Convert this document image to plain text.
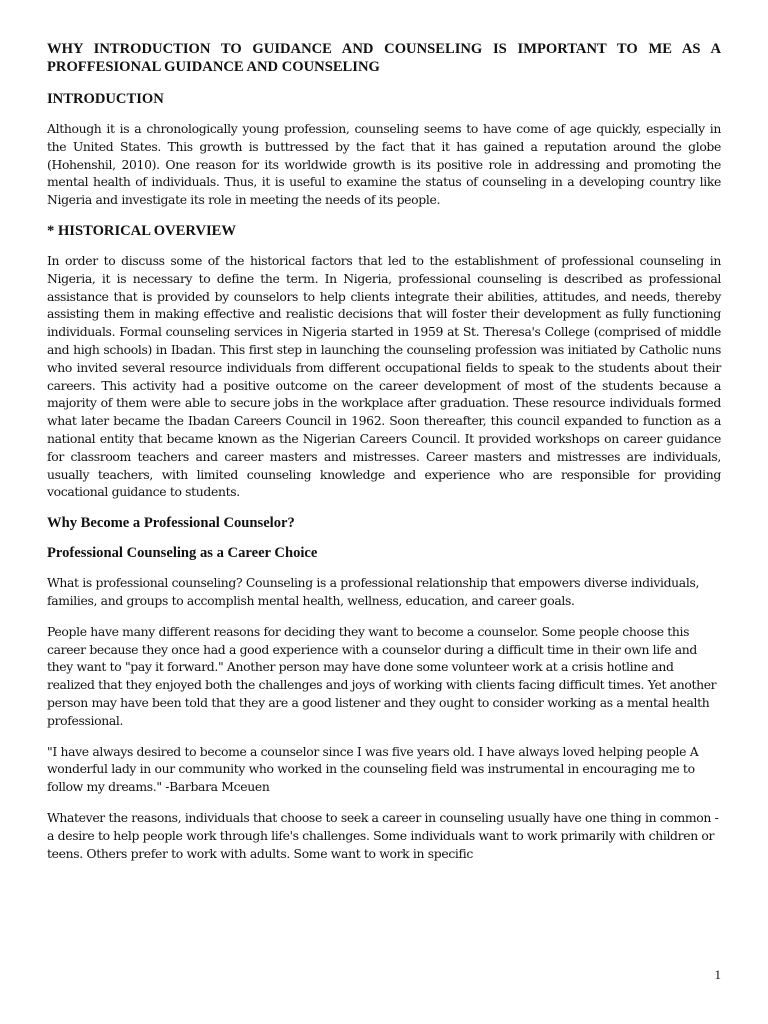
WHY INTRODUCTION TO GUIDANCE AND COUNSELING IS IMPORTANT TO ME AS A PROFFESIONAL GUIDANCE AND COUNSELING
INTRODUCTION
Although it is a chronologically young profession, counseling seems to have come of age quickly, especially in the United States. This growth is buttressed by the fact that it has gained a reputation around the globe (Hohenshil, 2010). One reason for its worldwide growth is its positive role in addressing and promoting the mental health of individuals. Thus, it is useful to examine the status of counseling in a developing country like Nigeria and investigate its role in meeting the needs of its people.
* HISTORICAL OVERVIEW
In order to discuss some of the historical factors that led to the establishment of professional counseling in Nigeria, it is necessary to define the term. In Nigeria, professional counseling is described as professional assistance that is provided by counselors to help clients integrate their abilities, attitudes, and needs, thereby assisting them in making effective and realistic decisions that will foster their development as fully functioning individuals. Formal counseling services in Nigeria started in 1959 at St. Theresa's College (comprised of middle and high schools) in Ibadan. This first step in launching the counseling profession was initiated by Catholic nuns who invited several resource individuals from different occupational fields to speak to the students about their careers. This activity had a positive outcome on the career development of most of the students because a majority of them were able to secure jobs in the workplace after graduation. These resource individuals formed what later became the Ibadan Careers Council in 1962. Soon thereafter, this council expanded to function as a national entity that became known as the Nigerian Careers Council. It provided workshops on career guidance for classroom teachers and career masters and mistresses. Career masters and mistresses are individuals, usually teachers, with limited counseling knowledge and experience who are responsible for providing vocational guidance to students.
Why Become a Professional Counselor?
Professional Counseling as a Career Choice
What is professional counseling? Counseling is a professional relationship that empowers diverse individuals, families, and groups to accomplish mental health, wellness, education, and career goals.
People have many different reasons for deciding they want to become a counselor. Some people choose this career because they once had a good experience with a counselor during a difficult time in their own life and they want to "pay it forward." Another person may have done some volunteer work at a crisis hotline and realized that they enjoyed both the challenges and joys of working with clients facing difficult times. Yet another person may have been told that they are a good listener and they ought to consider working as a mental health professional.
"I have always desired to become a counselor since I was five years old. I have always loved helping people A wonderful lady in our community who worked in the counseling field was instrumental in encouraging me to follow my dreams." -Barbara Mceuen
Whatever the reasons, individuals that choose to seek a career in counseling usually have one thing in common - a desire to help people work through life's challenges. Some individuals want to work primarily with children or teens. Others prefer to work with adults. Some want to work in specific
1
